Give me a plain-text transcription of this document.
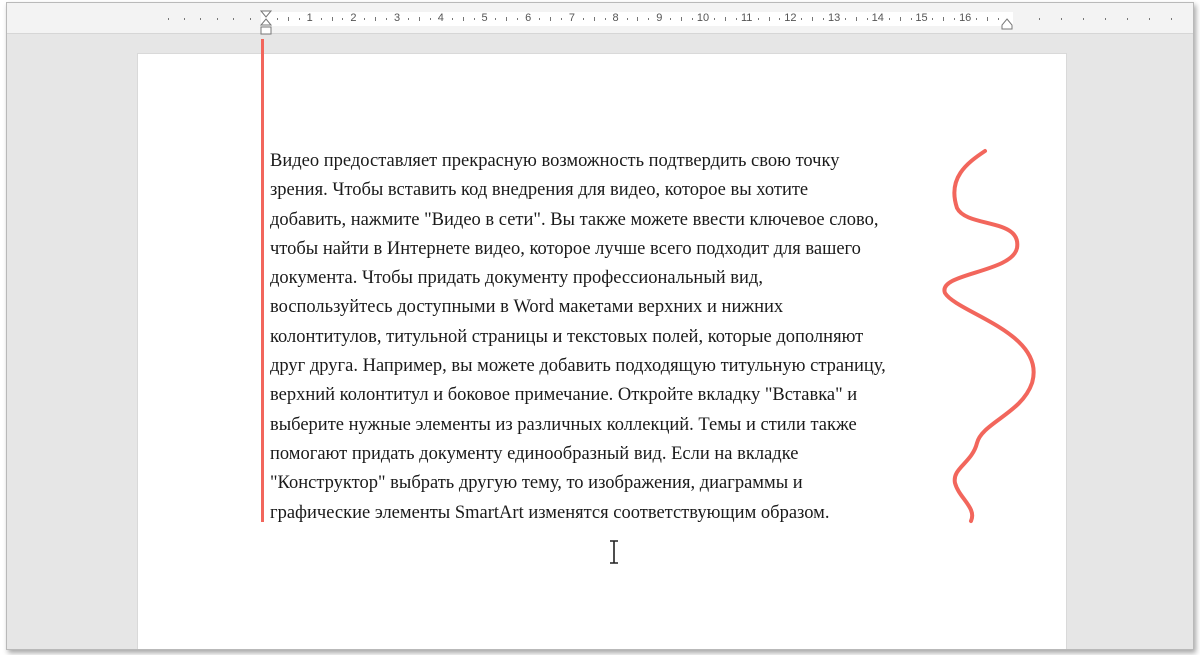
1	2	3	4	5	6	7	8	9	10	11	12	13	14	15	16
Видео предоставляет прекрасную возможность подтвердить свою точку
зрения. Чтобы вставить код внедрения для видео, которое вы хотите
добавить, нажмите "Видео в сети". Вы также можете ввести ключевое слово,
чтобы найти в Интернете видео, которое лучше всего подходит для вашего
документа. Чтобы придать документу профессиональный вид,
воспользуйтесь доступными в Word макетами верхних и нижних
колонтитулов, титульной страницы и текстовых полей, которые дополняют
друг друга. Например, вы можете добавить подходящую титульную страницу,
верхний колонтитул и боковое примечание. Откройте вкладку "Вставка" и
выберите нужные элементы из различных коллекций. Темы и стили также
помогают придать документу единообразный вид. Если на вкладке
"Конструктор" выбрать другую тему, то изображения, диаграммы и
графические элементы SmartArt изменятся соответствующим образом.
